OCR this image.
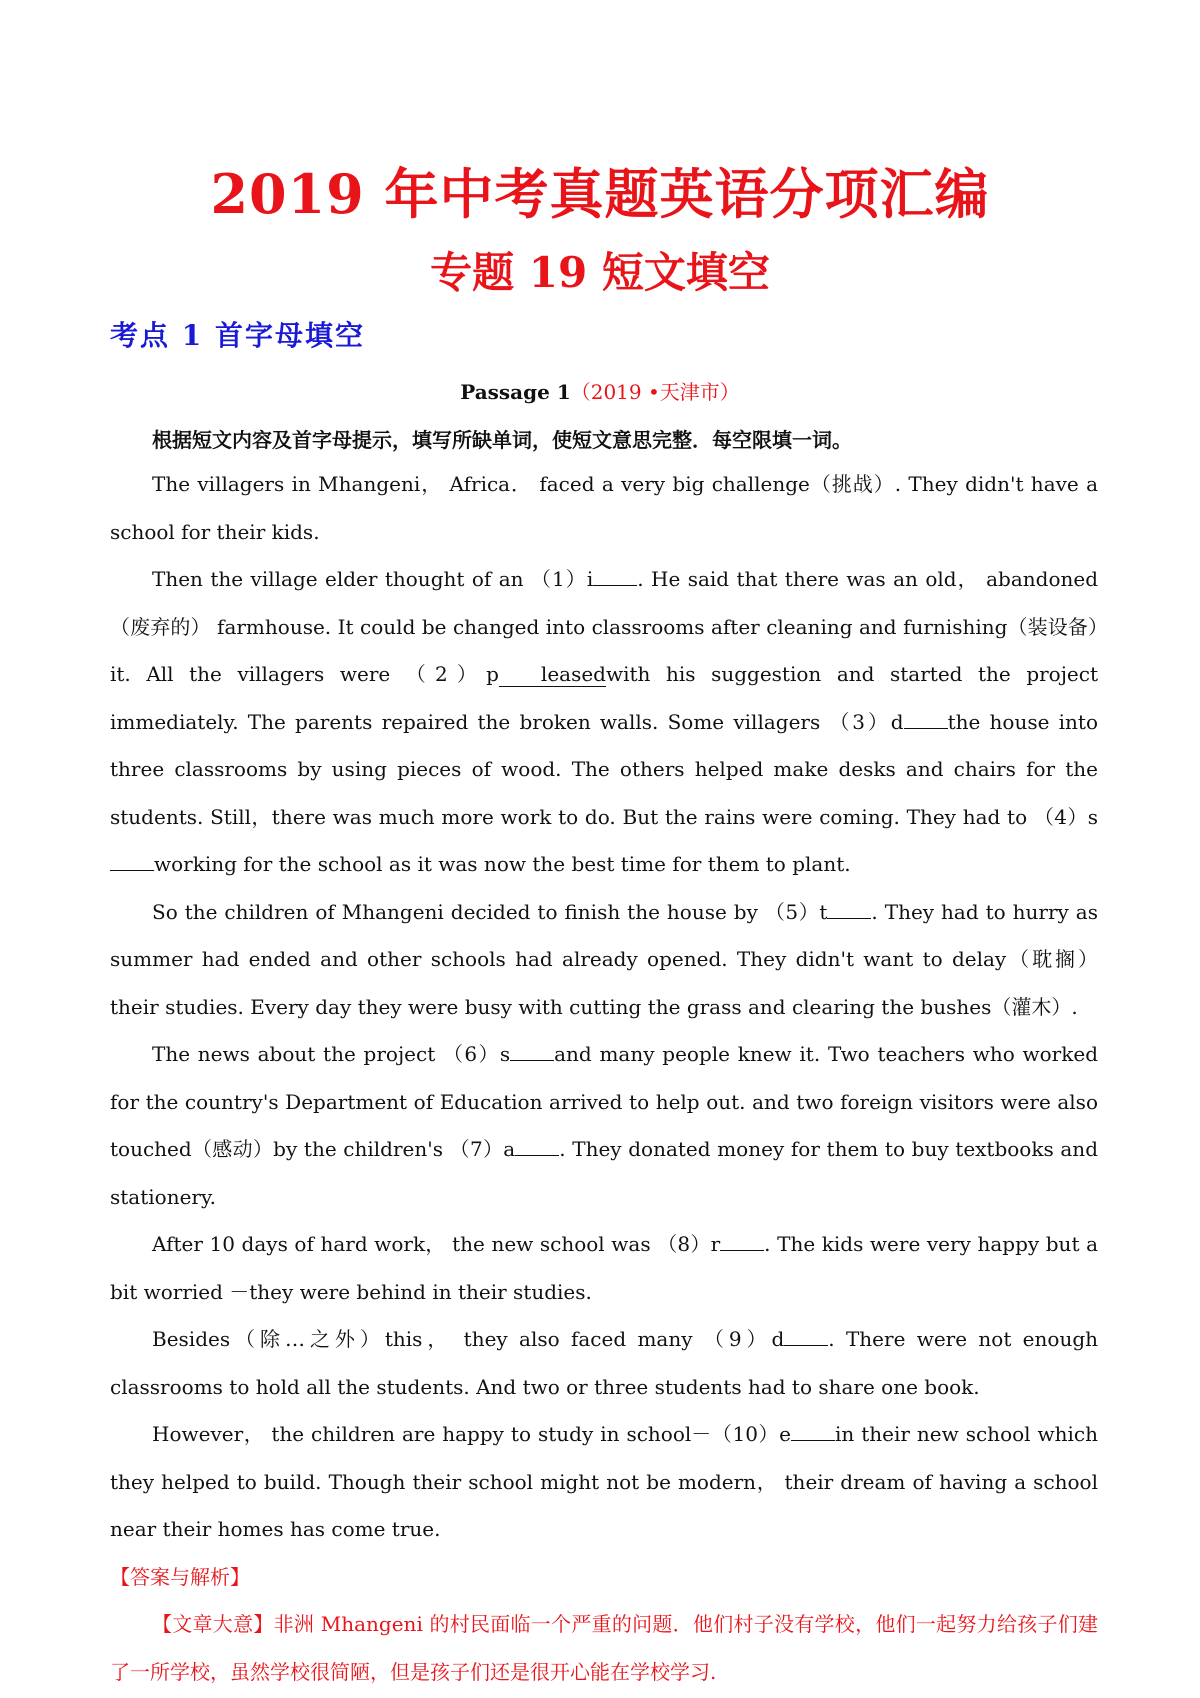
2019 年中考真题英语分项汇编
专题 19 短文填空
考点 1 首字母填空

Passage 1（2019 •天津市）

根据短文内容及首字母提示，填写所缺单词，使短文意思完整．每空限填一词。

The villagers in Mhangeni， Africa． faced a very big challenge（挑战）. They didn't have a school for their kids.

Then the village elder thought of an （1）i . He said that there was an old， abandoned （废弃的） farmhouse. It could be changed into classrooms after cleaning and furnishing（装设备）it. All the villagers were （2）p leasedwith his suggestion and started the project immediately. The parents repaired the broken walls. Some villagers （3）d the house into three classrooms by using pieces of wood. The others helped make desks and chairs for the students. Still，there was much more work to do. But the rains were coming. They had to （4）sworking for the school as it was now the best time for them to plant.

So the children of Mhangeni decided to finish the house by （5）t . They had to hurry as summer had ended and other schools had already opened. They didn't want to delay（耽搁） their studies. Every day they were busy with cutting the grass and clearing the bushes（灌木）.

The news about the project （6）s and many people knew it. Two teachers who worked for the country's Department of Education arrived to help out. and two foreign visitors were also touched（感动）by the children's （7）a . They donated money for them to buy textbooks and stationery.

After 10 days of hard work， the new school was （8）r . The kids were very happy but a bit worried －they were behind in their studies.

Besides（除…之外）this， they also faced many （9）d . There were not enough classrooms to hold all the students. And two or three students had to share one book.

However， the children are happy to study in school－（10）e in their new school which they helped to build. Though their school might not be modern， their dream of having a school near their homes has come true.

【答案与解析】

【文章大意】非洲 Mhangeni 的村民面临一个严重的问题．他们村子没有学校，他们一起努力给孩子们建了一所学校，虽然学校很简陋，但是孩子们还是很开心能在学校学习.
